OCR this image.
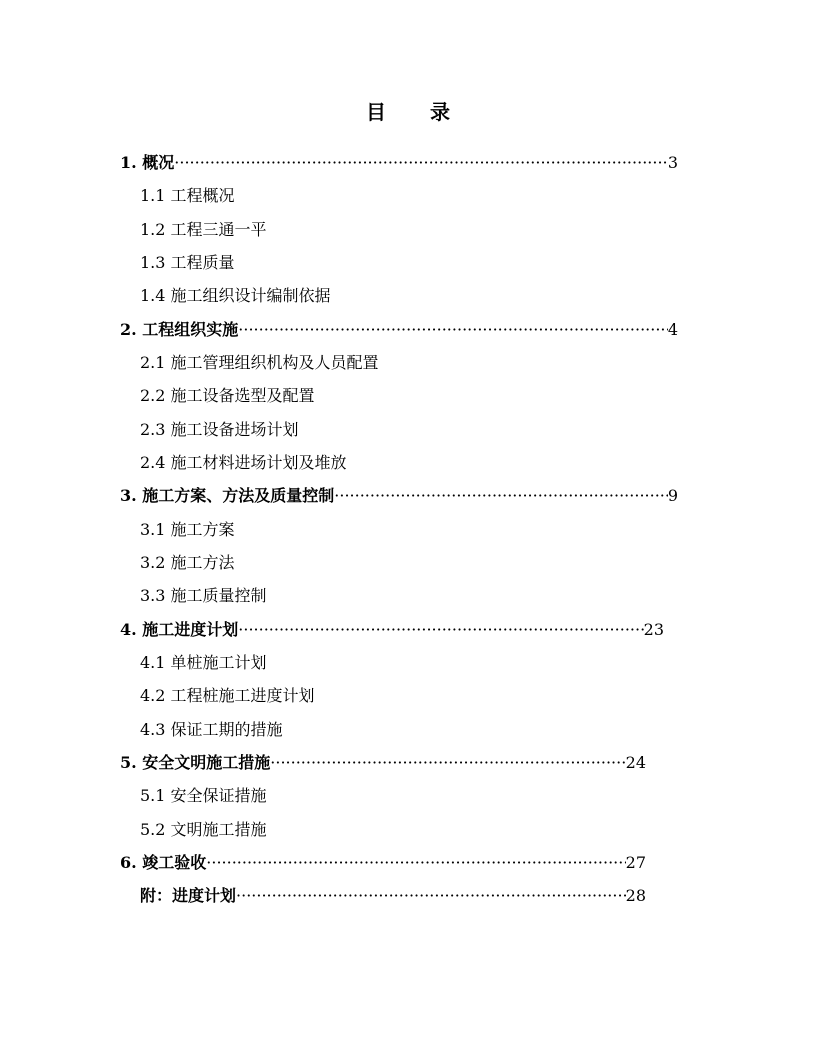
目 录
1. 概况 ·····	3
1.1 工程概况
1.2 工程三通一平
1.3 工程质量
1.4 施工组织设计编制依据
2. 工程组织实施 ·····	4
2.1 施工管理组织机构及人员配置
2.2 施工设备选型及配置
2.3 施工设备进场计划
2.4 施工材料进场计划及堆放
3. 施工方案、方法及质量控制 ·····	9
3.1 施工方案
3.2 施工方法
3.3 施工质量控制
4. 施工进度计划 ·····	23
4.1 单桩施工计划
4.2 工程桩施工进度计划
4.3 保证工期的措施
5. 安全文明施工措施 ·····	24
5.1 安全保证措施
5.2 文明施工措施
6. 竣工验收 ·····	27
附：进度计划 ·····	28
